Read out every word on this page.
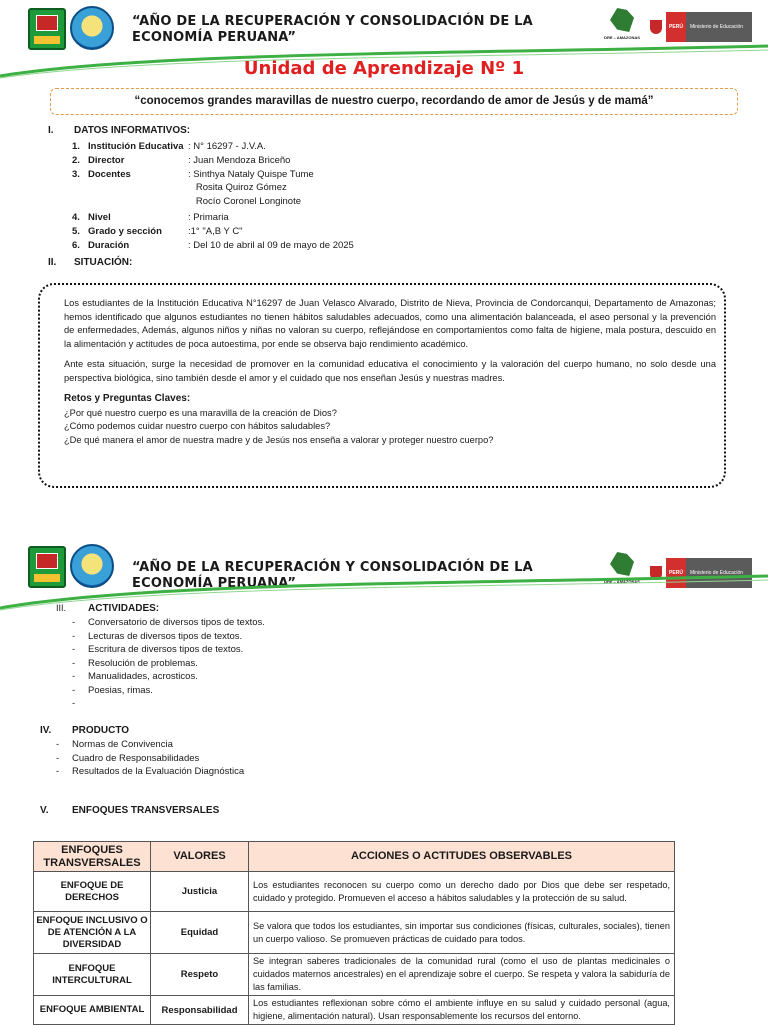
“AÑO DE LA RECUPERACIÓN Y CONSOLIDACIÓN DE LA ECONOMÍA PERUANA”	DRE – AMAZONAS
PERÚ	Ministerio de Educación
Unidad de Aprendizaje Nº 1
“conocemos grandes maravillas de nuestro cuerpo, recordando de amor de Jesús y de mamá”
I. DATOS INFORMATIVOS:
1. Institución Educativa : N° 16297 - J.V.A.
2. Director	: Juan Mendoza Briceño
3. Docentes	: Sinthya Nataly Quispe Tume
Rosita Quiroz Gómez
Rocío Coronel Longinote
4. Nivel	: Primaria
5. Grado y sección	:1° "A,B Y C"
6. Duración	: Del 10 de abril al 09 de mayo de 2025
II. SITUACIÓN:

Los estudiantes de la Institución Educativa N°16297 de Juan Velasco Alvarado, Distrito de Nieva, Provincia de Condorcanqui, Departamento de Amazonas; hemos identificado que algunos estudiantes no tienen hábitos saludables adecuados, como una alimentación balanceada, el aseo personal y la prevención de enfermedades, Además, algunos niños y niñas no valoran su cuerpo, reflejándose en comportamientos como falta de higiene, mala postura, descuido en la alimentación y actitudes de poca autoestima, por ende se observa bajo rendimiento académico.

Ante esta situación, surge la necesidad de promover en la comunidad educativa el conocimiento y la valoración del cuerpo humano, no solo desde una perspectiva biológica, sino también desde el amor y el cuidado que nos enseñan Jesús y nuestras madres.

Retos y Preguntas Claves:
¿Por qué nuestro cuerpo es una maravilla de la creación de Dios?
¿Cómo podemos cuidar nuestro cuerpo con hábitos saludables?
¿De qué manera el amor de nuestra madre y de Jesús nos enseña a valorar y proteger nuestro cuerpo?
“AÑO DE LA RECUPERACIÓN Y CONSOLIDACIÓN DE LA ECONOMÍA PERUANA”	DRE – AMAZONAS
PERÚ	Ministerio de Educación
III. ACTIVIDADES:
-	Conversatorio de diversos tipos de textos.
-	Lecturas de diversos tipos de textos.
-	Escritura de diversos tipos de textos.
-	Resolución de problemas.
-	Manualidades, acrosticos.
-	Poesias, rimas.
-
IV. PRODUCTO
-	Normas de Convivencia
-	Cuadro de Responsabilidades
-	Resultados de la Evaluación Diagnóstica
V. ENFOQUES TRANSVERSALES
ENFOQUES TRANSVERSALES	VALORES	ACCIONES O ACTITUDES OBSERVABLES
ENFOQUE DE DERECHOS	Justicia	Los estudiantes reconocen su cuerpo como un derecho dado por Dios que debe ser respetado, cuidado y protegido. Promueven el acceso a hábitos saludables y la protección de su salud.
ENFOQUE INCLUSIVO O DE ATENCIÓN A LA DIVERSIDAD	Equidad	Se valora que todos los estudiantes, sin importar sus condiciones (físicas, culturales, sociales), tienen un cuerpo valioso. Se promueven prácticas de cuidado para todos.
ENFOQUE INTERCULTURAL	Respeto	Se integran saberes tradicionales de la comunidad rural (como el uso de plantas medicinales o cuidados maternos ancestrales) en el aprendizaje sobre el cuerpo. Se respeta y valora la sabiduría de las familias.
ENFOQUE AMBIENTAL	Responsabilidad	Los estudiantes reflexionan sobre cómo el ambiente influye en su salud y cuidado personal (agua, higiene, alimentación natural). Usan responsablemente los recursos del entorno.
